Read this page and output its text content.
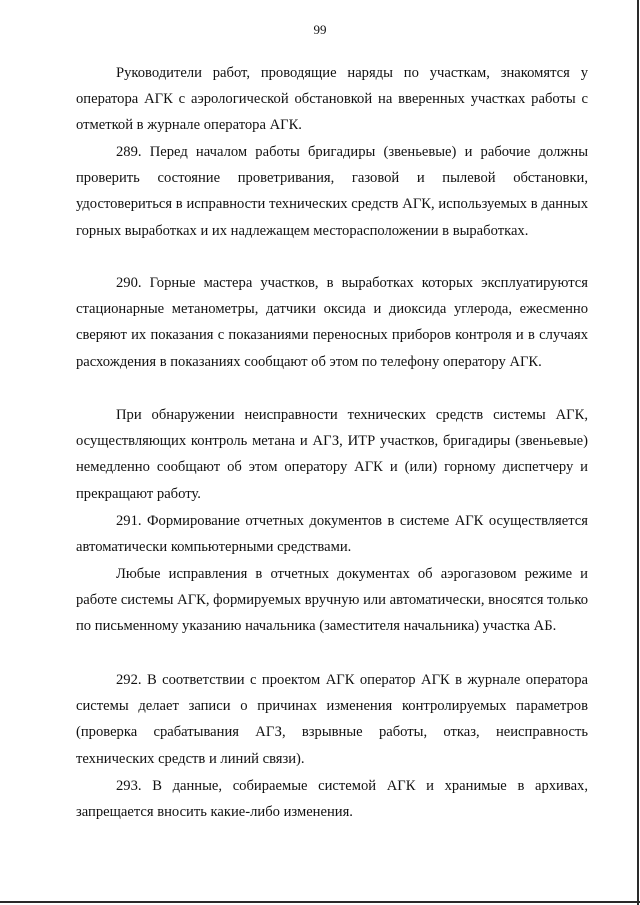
99

Руководители работ, проводящие наряды по участкам, знакомятся у оператора АГК с аэрологической обстановкой на вверенных участках работы с отметкой в журнале оператора АГК.

289. Перед началом работы бригадиры (звеньевые) и рабочие должны проверить состояние проветривания, газовой и пылевой обстановки, удостовериться в исправности технических средств АГК, используемых в данных горных выработках и их надлежащем месторасположении в выработках.

290. Горные мастера участков, в выработках которых эксплуатируются стационарные метанометры, датчики оксида и диоксида углерода, ежесменно сверяют их показания с показаниями переносных приборов контроля и в случаях расхождения в показаниях сообщают об этом по телефону оператору АГК.

При обнаружении неисправности технических средств системы АГК, осуществляющих контроль метана и АГЗ, ИТР участков, бригадиры (звеньевые) немедленно сообщают об этом оператору АГК и (или) горному диспетчеру и прекращают работу.

291. Формирование отчетных документов в системе АГК осуществляется автоматически компьютерными средствами.

Любые исправления в отчетных документах об аэрогазовом режиме и работе системы АГК, формируемых вручную или автоматически, вносятся только по письменному указанию начальника (заместителя начальника) участка АБ.

292. В соответствии с проектом АГК оператор АГК в журнале оператора системы делает записи о причинах изменения контролируемых параметров (проверка срабатывания АГЗ, взрывные работы, отказ, неисправность технических средств и линий связи).

293. В данные, собираемые системой АГК и хранимые в архивах, запрещается вносить какие-либо изменения.
